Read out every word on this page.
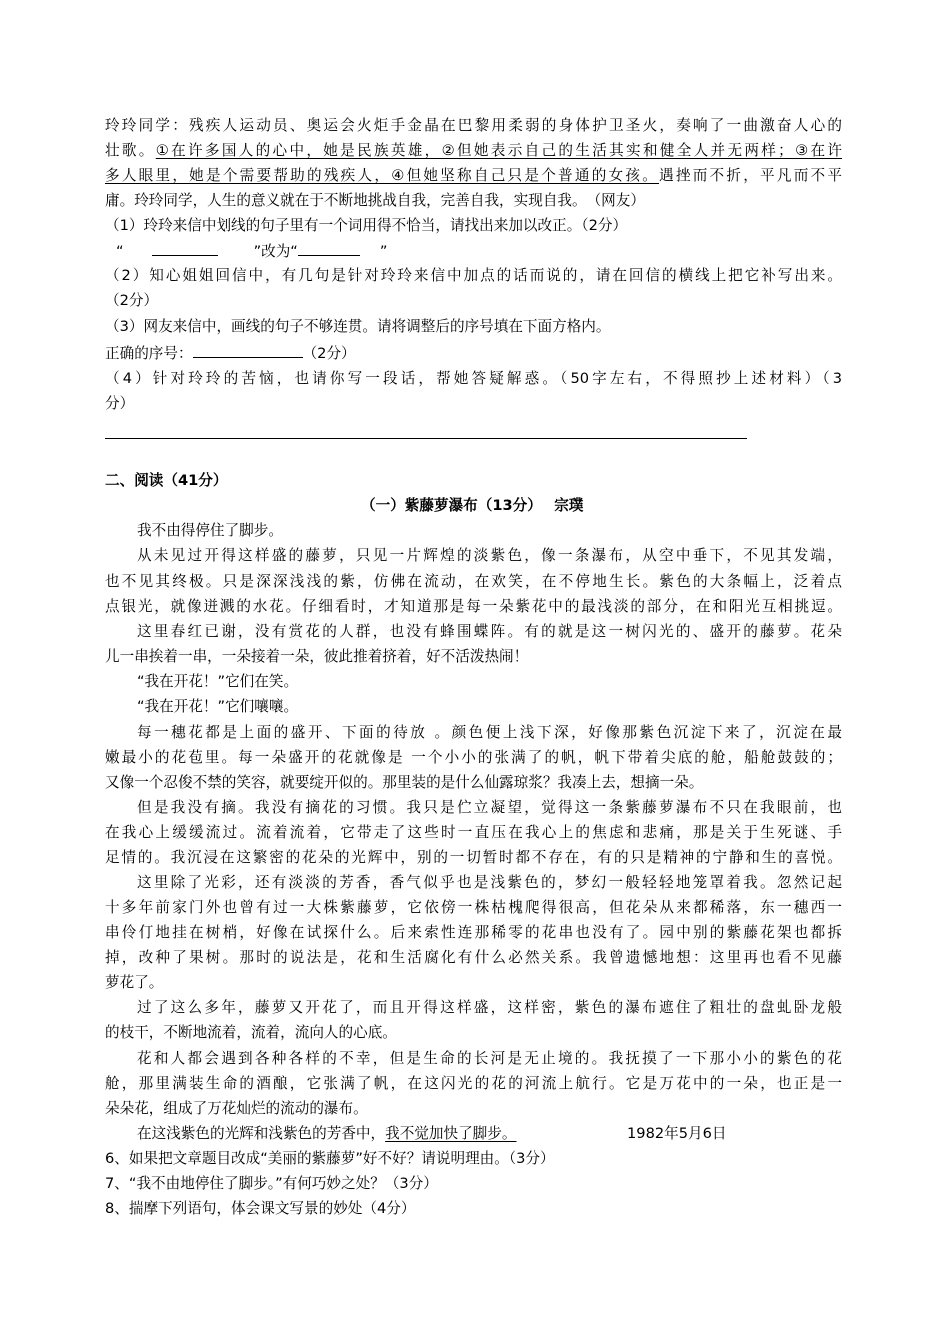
玲玲同学：残疾人运动员、奥运会火炬手金晶在巴黎用柔弱的身体护卫圣火，奏响了一曲激奋人心的
壮歌。①在许多国人的心中，她是民族英雄，②但她表示自己的生活其实和健全人并无两样；③在许
多人眼里，她是个需要帮助的残疾人，④但她坚称自己只是个普通的女孩。遇挫而不折，平凡而不平
庸。玲玲同学，人生的意义就在于不断地挑战自我，完善自我，实现自我。　（网友）
（1）玲玲来信中划线的句子里有一个词用得不恰当，请找出来加以改正。（2分）
“	”改为“	”
（2）知心姐姐回信中，有几句是针对玲玲来信中加点的话而说的，请在回信的横线上把它补写出来。
（2分）
（3）网友来信中，画线的句子不够连贯。请将调整后的序号填在下面方格内。
正确的序号：	（2分）
（4）针对玲玲的苦恼，也请你写一段话，帮她答疑解惑。（50字左右，不得照抄上述材料）（3
分）
二、阅读（41分）
（一）紫藤萝瀑布（13分）　 宗璞
我不由得停住了脚步。
从未见过开得这样盛的藤萝，只见一片辉煌的淡紫色，像一条瀑布，从空中垂下，不见其发端，
也不见其终极。只是深深浅浅的紫，仿佛在流动，在欢笑，在不停地生长。紫色的大条幅上，泛着点
点银光，就像迸溅的水花。仔细看时，才知道那是每一朵紫花中的最浅淡的部分，在和阳光互相挑逗。
这里春红已谢，没有赏花的人群，也没有蜂围蝶阵。有的就是这一树闪光的、盛开的藤萝。花朵
儿一串挨着一串，一朵接着一朵，彼此推着挤着，好不活泼热闹！
“我在开花！”它们在笑。
“我在开花！”它们嚷嚷。
每一穗花都是上面的盛开、下面的待放 。颜色便上浅下深，好像那紫色沉淀下来了，沉淀在最
嫩最小的花苞里。每一朵盛开的花就像是 一个小小的张满了的帆，帆下带着尖底的舱，船舱鼓鼓的；
又像一个忍俊不禁的笑容，就要绽开似的。那里装的是什么仙露琼浆？我凑上去，想摘一朵。
但是我没有摘。我没有摘花的习惯。我只是伫立凝望，觉得这一条紫藤萝瀑布不只在我眼前，也
在我心上缓缓流过。流着流着，它带走了这些时一直压在我心上的焦虑和悲痛，那是关于生死谜、手
足情的。我沉浸在这繁密的花朵的光辉中，别的一切暂时都不存在，有的只是精神的宁静和生的喜悦。
这里除了光彩，还有淡淡的芳香，香气似乎也是浅紫色的，梦幻一般轻轻地笼罩着我。忽然记起
十多年前家门外也曾有过一大株紫藤萝，它依傍一株枯槐爬得很高，但花朵从来都稀落，东一穗西一
串伶仃地挂在树梢，好像在试探什么。后来索性连那稀零的花串也没有了。园中别的紫藤花架也都拆
掉，改种了果树。那时的说法是，花和生活腐化有什么必然关系。我曾遗憾地想：这里再也看不见藤
萝花了。
过了这么多年，藤萝又开花了，而且开得这样盛，这样密，紫色的瀑布遮住了粗壮的盘虬卧龙般
的枝干，不断地流着，流着，流向人的心底。
花和人都会遇到各种各样的不幸，但是生命的长河是无止境的。我抚摸了一下那小小的紫色的花
舱，那里满装生命的酒酿，它张满了帆，在这闪光的花的河流上航行。它是万花中的一朵，也正是一
朵朵花，组成了万花灿烂的流动的瀑布。
在这浅紫色的光辉和浅紫色的芳香中，我不觉加快了脚步。	1982年5月6日
6、如果把文章题目改成“美丽的紫藤萝”好不好？请说明理由。（3分）
7、“我不由地停住了脚步。”有何巧妙之处？（3分）
8、揣摩下列语句，体会课文写景的妙处（4分）
